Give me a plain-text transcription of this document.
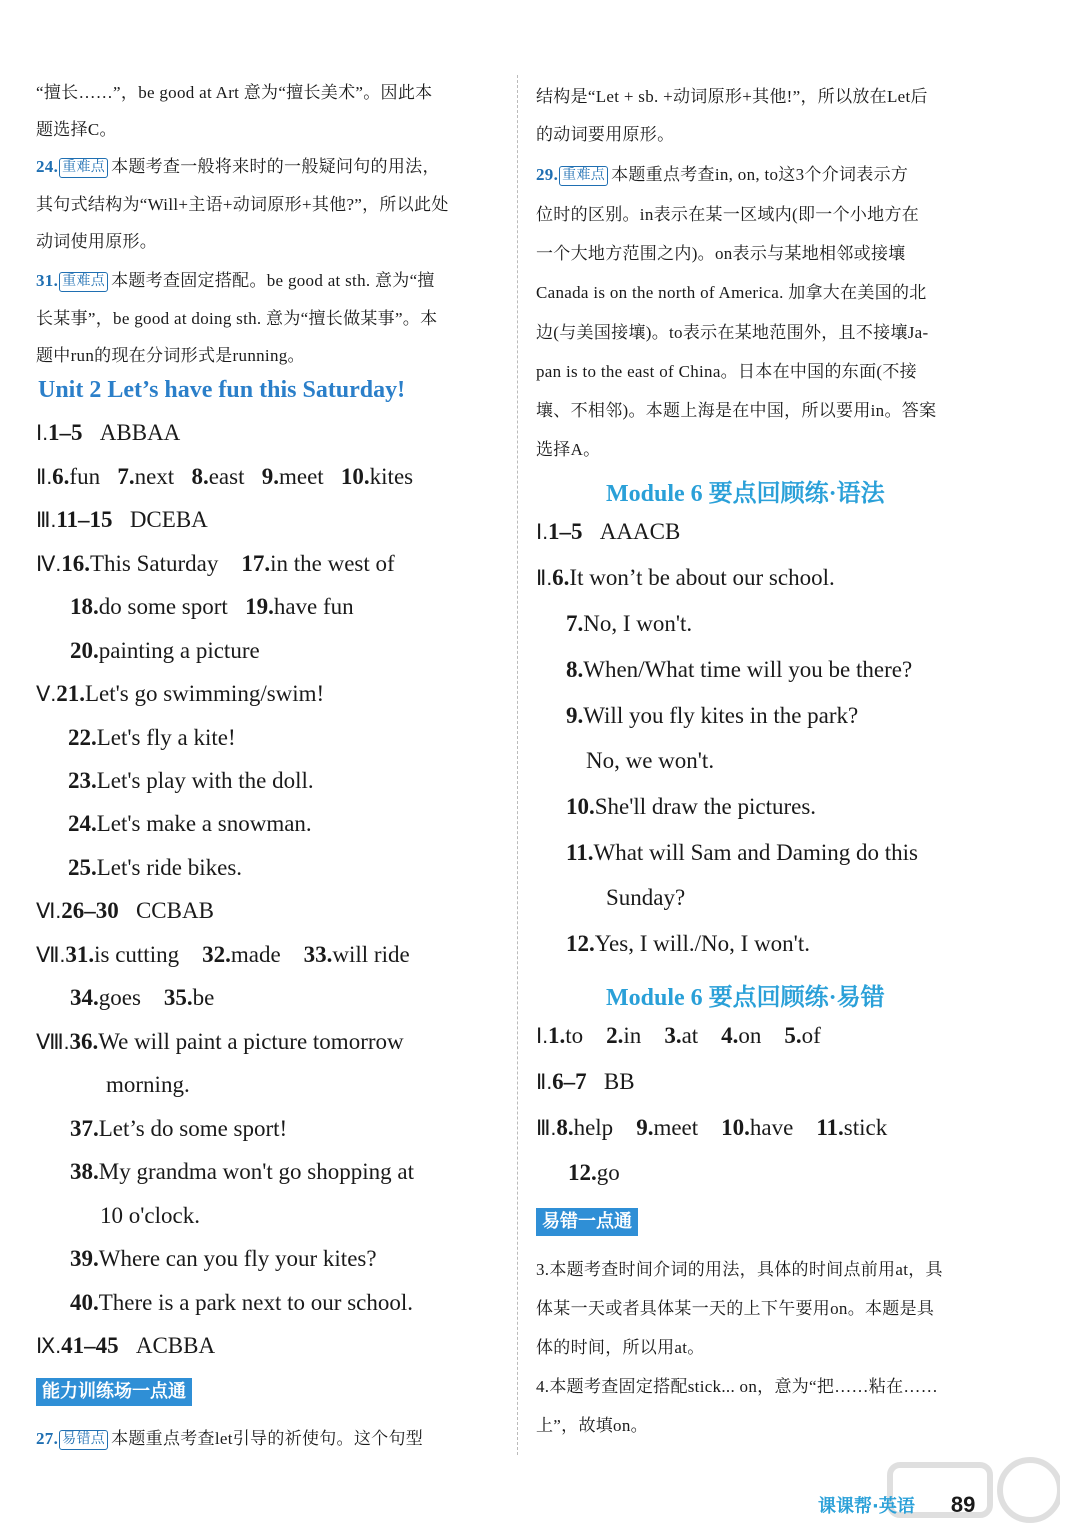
“擅长……”，be good at Art 意为“擅长美术”。因此本
题选择C。
24. 重难点 本题考查一般将来时的一般疑问句的用法，
其句式结构为“Will+主语+动词原形+其他?”，所以此处
动词使用原形。
31. 重难点 本题考查固定搭配。be good at sth. 意为“擅
长某事”，be good at doing sth. 意为“擅长做某事”。本
题中run的现在分词形式是running。
Unit 2 Let’s have fun this Saturday!
Ⅰ.1–5 ABBAA
Ⅱ.6.fun 7.next 8.east 9.meet 10.kites
Ⅲ.11–15 DCEBA
Ⅳ.16.This Saturday 17.in the west of
18.do some sport 19.have fun
20.painting a picture
Ⅴ.21.Let's go swimming/swim!
22.Let's fly a kite!
23.Let's play with the doll.
24.Let's make a snowman.
25.Let's ride bikes.
Ⅵ.26–30 CCBAB
Ⅶ.31.is cutting 32.made 33.will ride
34.goes 35.be
Ⅷ.36.We will paint a picture tomorrow
morning.
37.Let’s do some sport!
38.My grandma won't go shopping at
10 o'clock.
39.Where can you fly your kites?
40.There is a park next to our school.
Ⅸ.41–45 ACBBA
能力训练场一点通
27. 易错点 本题重点考查let引导的祈使句。这个句型
结构是“Let + sb. +动词原形+其他!”，所以放在Let后
的动词要用原形。
29. 重难点 本题重点考查in, on, to这3个介词表示方
位时的区别。in表示在某一区域内(即一个小地方在
一个大地方范围之内)。on表示与某地相邻或接壤
Canada is on the north of America. 加拿大在美国的北
边(与美国接壤)。to表示在某地范围外，且不接壤Ja-
pan is to the east of China。日本在中国的东面(不接
壤、不相邻)。本题上海是在中国，所以要用in。答案
选择A。
Module 6 要点回顾练·语法
Ⅰ.1–5 AAACB
Ⅱ.6.It won’t be about our school.
7.No, I won't.
8.When/What time will you be there?
9.Will you fly kites in the park?
No, we won't.
10.She'll draw the pictures.
11.What will Sam and Daming do this
Sunday?
12.Yes, I will./No, I won't.
Module 6 要点回顾练·易错
Ⅰ.1.to 2.in 3.at 4.on 5.of
Ⅱ.6–7 BB
Ⅲ.8.help 9.meet 10.have 11.stick
12.go
易错一点通
3.本题考查时间介词的用法，具体的时间点前用at，具
体某一天或者具体某一天的上下午要用on。本题是具
体的时间，所以用at。
4.本题考查固定搭配stick... on，意为“把……粘在……
上”，故填on。
课课帮·英语 89
